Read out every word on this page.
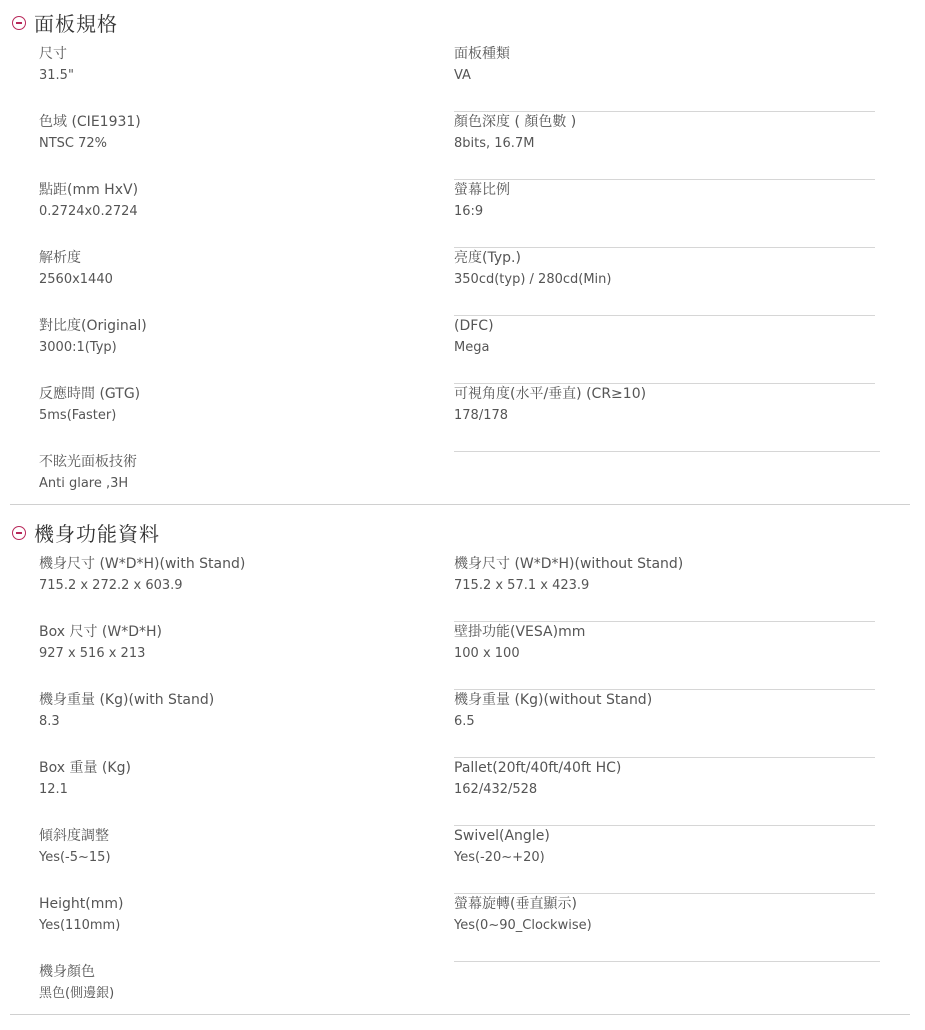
面板規格
尺寸
31.5"
面板種類
VA
色域 (CIE1931)
NTSC 72%
顏色深度 ( 顏色數 )
8bits, 16.7M
點距(mm HxV)
0.2724x0.2724
螢幕比例
16:9
解析度
2560x1440
亮度(Typ.)
350cd(typ) / 280cd(Min)
對比度(Original)
3000:1(Typ)
(DFC)
Mega
反應時間 (GTG)
5ms(Faster)
可視角度(水平/垂直) (CR≥10)
178/178
不眩光面板技術
Anti glare ,3H
機身功能資料
機身尺寸 (W*D*H)(with Stand)
715.2 x 272.2 x 603.9
機身尺寸 (W*D*H)(without Stand)
715.2 x 57.1 x 423.9
Box 尺寸 (W*D*H)
927 x 516 x 213
壁掛功能(VESA)mm
100 x 100
機身重量 (Kg)(with Stand)
8.3
機身重量 (Kg)(without Stand)
6.5
Box 重量 (Kg)
12.1
Pallet(20ft/40ft/40ft HC)
162/432/528
傾斜度調整
Yes(-5~15)
Swivel(Angle)
Yes(-20~+20)
Height(mm)
Yes(110mm)
螢幕旋轉(垂直顯示)
Yes(0~90_Clockwise)
機身顏色
黑色(側邊銀)
